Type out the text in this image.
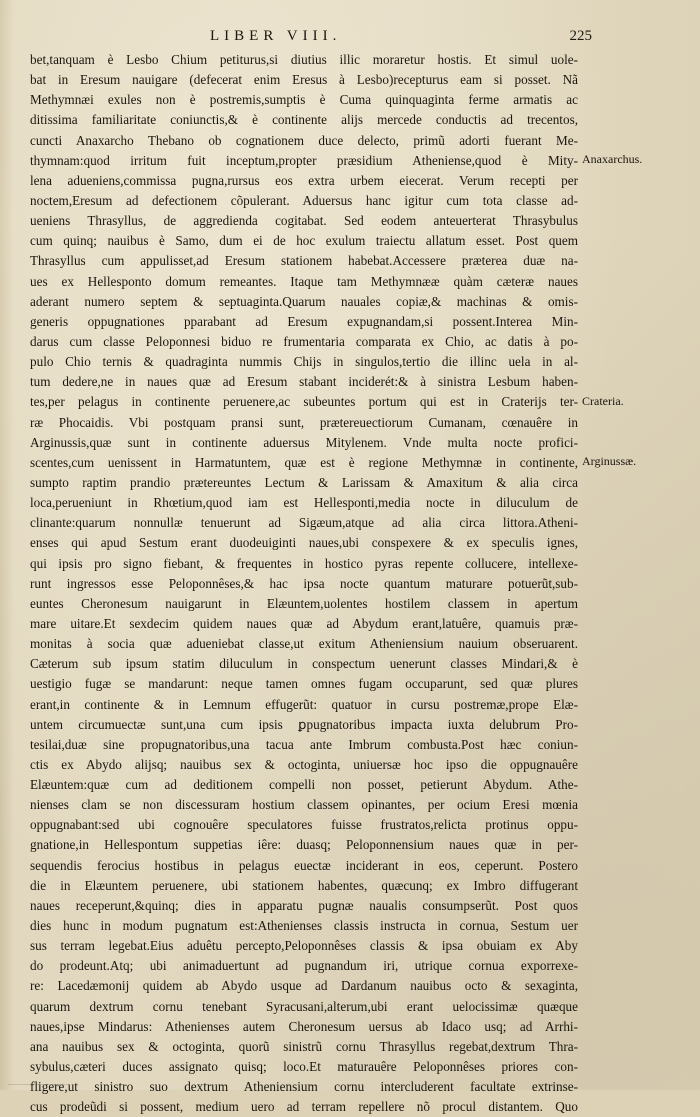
LIBER VIII.	225
bet,tanquam è Lesbo Chium petiturus,si diutius illic moraretur hostis. Et simul uole-
bat in Eresum nauigare (defecerat enim Eresus à Lesbo)recepturus eam si posset. Nã
Methymnæi exules non è postremis,sumptis è Cuma quinquaginta ferme armatis ac
ditissima familiaritate coniunctis,& è continente alijs mercede conductis ad trecentos,
cuncti Anaxarcho Thebano ob cognationem duce delecto, primũ adorti fuerant Me-
thymnam:quod irritum fuit inceptum,propter præsidium Atheniense,quod è Mity-
lena adueniens,commissa pugna,rursus eos extra urbem eiecerat. Verum recepti per
noctem,Eresum ad defectionem cõpulerant. Aduersus hanc igitur cum tota classe ad-
ueniens Thrasyllus, de aggredienda cogitabat. Sed eodem anteuerterat Thrasybulus
cum quinq; nauibus è Samo, dum ei de hoc exulum traiectu allatum esset. Post quem
Thrasyllus cum appulisset,ad Eresum stationem habebat.Accessere præterea duæ na-
ues ex Hellesponto domum remeantes. Itaque tam Methymnææ quàm cæteræ naues
aderant numero septem & septuaginta.Quarum nauales copiæ,& machinas & omis-
generis oppugnationes pparabant ad Eresum expugnandam,si possent.Interea Min-
darus cum classe Peloponnesi biduo re frumentaria comparata ex Chio, ac datis à po-
pulo Chio ternis & quadraginta nummis Chijs in singulos,tertio die illinc uela in al-
tum dedere,ne in naues quæ ad Eresum stabant inciderét:& à sinistra Lesbum haben-
tes,per pelagus in continente peruenere,ac subeuntes portum qui est in Craterijs ter-
ræ Phocaidis. Vbi postquam pransi sunt, prætereuectiorum Cumanam, cœnauêre in
Arginussis,quæ sunt in continente aduersus Mitylenem. Vnde multa nocte profici-
scentes,cum uenissent in Harmatuntem, quæ est è regione Methymnæ in continente,
sumpto raptim prandio prætereuntes Lectum & Larissam & Amaxitum & alia circa
loca,perueniunt in Rhœtium,quod iam est Hellesponti,media nocte in diluculum de
clinante:quarum nonnullæ tenuerunt ad Sigæum,atque ad alia circa littora.Atheni-
enses qui apud Sestum erant duodeuiginti naues,ubi conspexere & ex speculis ignes,
qui ipsis pro signo fiebant, & frequentes in hostico pyras repente collucere, intellexe-
runt ingressos esse Peloponnêses,& hac ipsa nocte quantum maturare potuerũt,sub-
euntes Cheronesum nauigarunt in Elæuntem,uolentes hostilem classem in apertum
mare uitare.Et sexdecim quidem naues quæ ad Abydum erant,latuêre, quamuis præ-
monitas à socia quæ adueniebat classe,ut exitum Atheniensium nauium obseruarent.
Cæterum sub ipsum statim diluculum in conspectum uenerunt classes Mindari,& è
uestigio fugæ se mandarunt: neque tamen omnes fugam occuparunt, sed quæ plures
erant,in continente & in Lemnum effugerũt: quatuor in cursu postremæ,prope Elæ-
untem circumuectæ sunt,una cum ipsis ꝑpugnatoribus impacta iuxta delubrum Pro-
tesilai,duæ sine propugnatoribus,una tacua ante Imbrum combusta.Post hæc coniun-
ctis ex Abydo alijsq; nauibus sex & octoginta, uniuersæ hoc ipso die oppugnauêre
Elæuntem:quæ cum ad deditionem compelli non posset, petierunt Abydum. Athe-
nienses clam se non discessuram hostium classem opinantes, per ocium Eresi mœnia
oppugnabant:sed ubi cognouêre speculatores fuisse frustratos,relicta protinus oppu-
gnatione,in Hellespontum suppetias iêre: duasq; Peloponnensium naues quæ in per-
sequendis ferocius hostibus in pelagus euectæ inciderant in eos, ceperunt. Postero
die in Elæuntem peruenere, ubi stationem habentes, quæcunq; ex Imbro diffugerant
naues receperunt,&quinq; dies in apparatu pugnæ naualis consumpserũt. Post quos
dies hunc in modum pugnatum est:Athenienses classis instructa in cornua, Sestum uer
sus terram legebat.Eius aduêtu percepto,Peloponnêses classis & ipsa obuiam ex Aby
do prodeunt.Atq; ubi animaduertunt ad pugnandum iri, utrique cornua exporrexe-
re: Lacedæmonij quidem ab Abydo usque ad Dardanum nauibus octo & sexaginta,
quarum dextrum cornu tenebant Syracusani,alterum,ubi erant uelocissimæ quæque
naues,ipse Mindarus: Athenienses autem Cheronesum uersus ab Idaco usq; ad Arrhi-
ana nauibus sex & octoginta, quorũ sinistrũ cornu Thrasyllus regebat,dextrum Thra-
sybulus,cæteri duces assignato quisq; loco.Et maturauêre Peloponnêses priores con-
fligere,ut sinistro suo dextrum Atheniensium cornu intercluderent facultate extrinse-
cus prodeũdi si possent, medium uero ad terram repellere nõ procul distantem. Quo
Anaxarchus.
Crateria.
Arginussæ.
